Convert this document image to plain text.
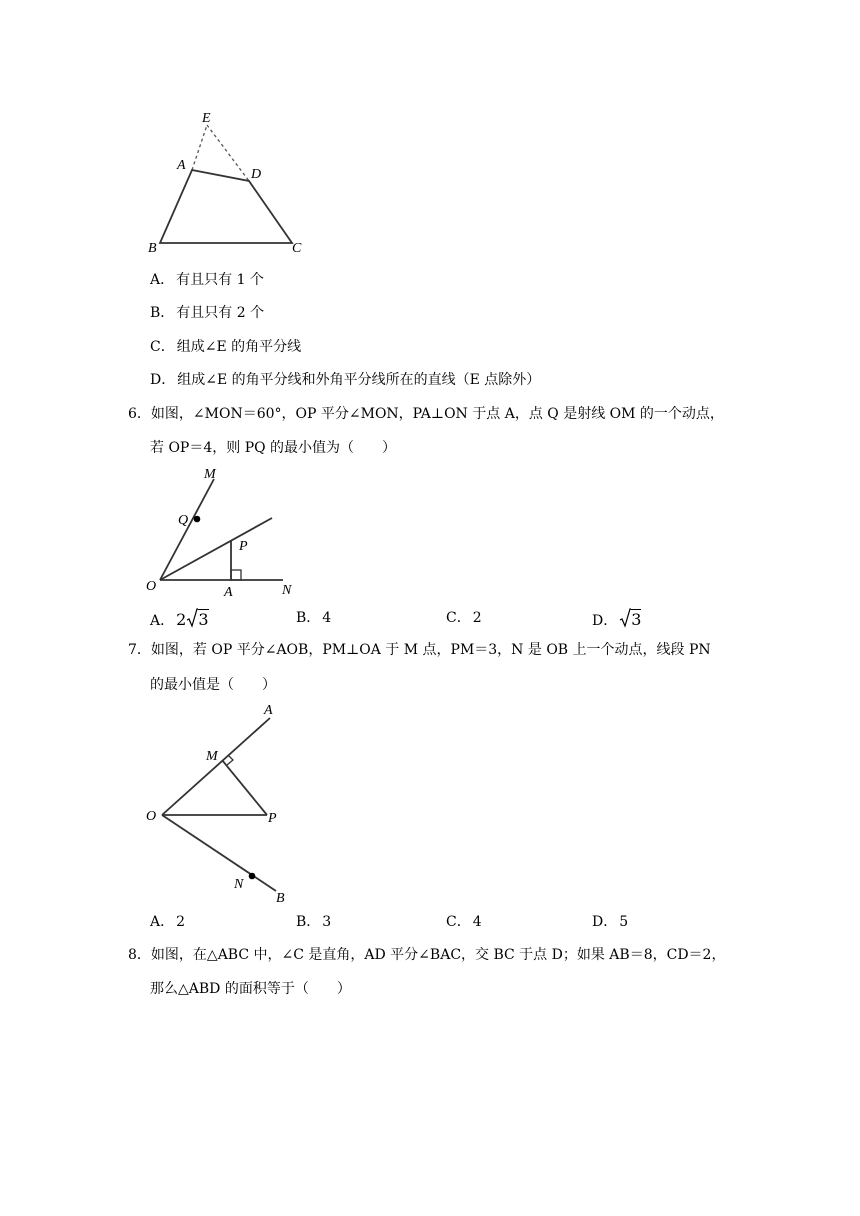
E
A
D
B	C
A． 有且只有 1 个
B． 有且只有 2 个
C． 组成∠E 的角平分线
D． 组成∠E 的角平分线和外角平分线所在的直线（E 点除外）
6．如图，∠MON＝60°，OP 平分∠MON，PA⊥ON 于点 A，点 Q 是射线 OM 的一个动点，
若 OP＝4，则 PQ 的最小值为（　　）
M
Q
P
O	A	N
A． 2 3	B． 4	C． 2	D． 3
7．如图，若 OP 平分∠AOB，PM⊥OA 于 M 点，PM＝3，N 是 OB 上一个动点，线段 PN
的最小值是（　　）
A
M
O	P
N
B
A． 2	B． 3	C． 4	D． 5
8．如图，在△ABC 中，∠C 是直角，AD 平分∠BAC，交 BC 于点 D；如果 AB＝8，CD＝2，
那么△ABD 的面积等于（　　）
